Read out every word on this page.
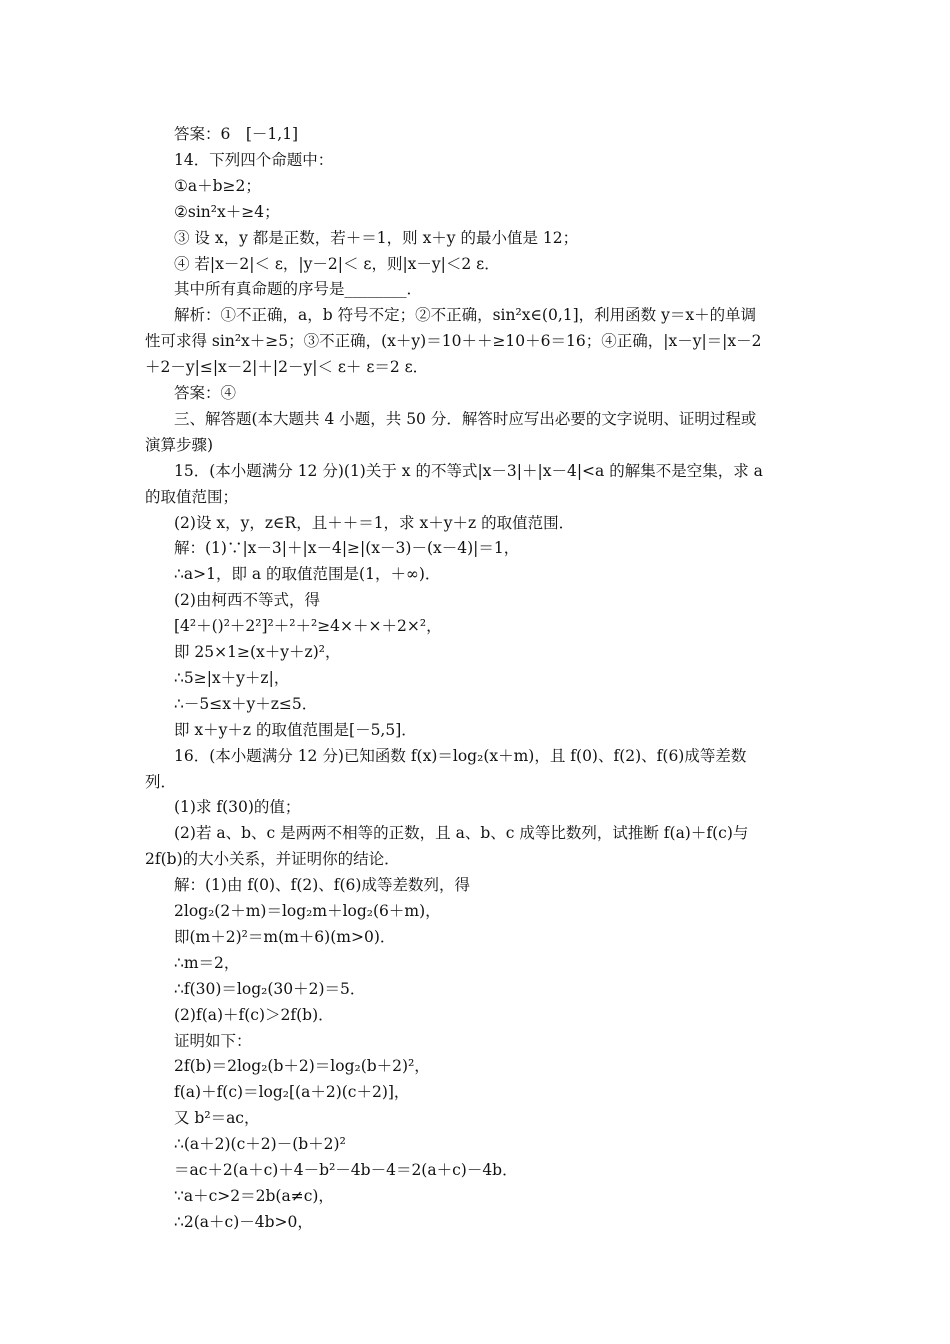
答案：6　[－1,1]
14．下列四个命题中：
①a＋b≥2；
②sin²x＋≥4；
③ 设 x，y 都是正数，若＋＝1，则 x＋y 的最小值是 12；
④ 若|x－2|＜ ε，|y－2|＜ ε，则|x－y|＜2 ε．
其中所有真命题的序号是________．
解析：①不正确，a，b 符号不定；②不正确，sin²x∈(0,1]，利用函数 y＝x＋的单调
性可求得 sin²x＋≥5；③不正确，(x＋y)＝10＋＋≥10＋6＝16；④正确，|x－y|＝|x－2
＋2－y|≤|x－2|＋|2－y|＜ ε＋ ε＝2 ε．
答案：④
三、解答题(本大题共 4 小题，共 50 分．解答时应写出必要的文字说明、证明过程或
演算步骤)
15．(本小题满分 12 分)(1)关于 x 的不等式|x－3|＋|x－4|<a 的解集不是空集，求 a
的取值范围；
(2)设 x，y，z∈R，且＋＋＝1，求 x＋y＋z 的取值范围．
解：(1)∵|x－3|＋|x－4|≥|(x－3)－(x－4)|＝1，
∴a>1，即 a 的取值范围是(1，＋∞)．
(2)由柯西不等式，得
[4²＋()²＋2²]²＋²＋²≥4×＋×＋2×²，
即 25×1≥(x＋y＋z)²，
∴5≥|x＋y＋z|，
∴－5≤x＋y＋z≤5．
即 x＋y＋z 的取值范围是[－5,5]．
16．(本小题满分 12 分)已知函数 f(x)＝log₂(x＋m)，且 f(0)、f(2)、f(6)成等差数
列．
(1)求 f(30)的值；
(2)若 a、b、c 是两两不相等的正数，且 a、b、c 成等比数列，试推断 f(a)＋f(c)与
2f(b)的大小关系，并证明你的结论．
解：(1)由 f(0)、f(2)、f(6)成等差数列，得
2log₂(2＋m)＝log₂m＋log₂(6＋m)，
即(m＋2)²＝m(m＋6)(m>0)．
∴m＝2，
∴f(30)＝log₂(30＋2)＝5．
(2)f(a)＋f(c)＞2f(b)．
证明如下：
2f(b)＝2log₂(b＋2)＝log₂(b＋2)²，
f(a)＋f(c)＝log₂[(a＋2)(c＋2)]，
又 b²＝ac，
∴(a＋2)(c＋2)－(b＋2)²
＝ac＋2(a＋c)＋4－b²－4b－4＝2(a＋c)－4b．
∵a＋c>2＝2b(a≠c)，
∴2(a＋c)－4b>0，
